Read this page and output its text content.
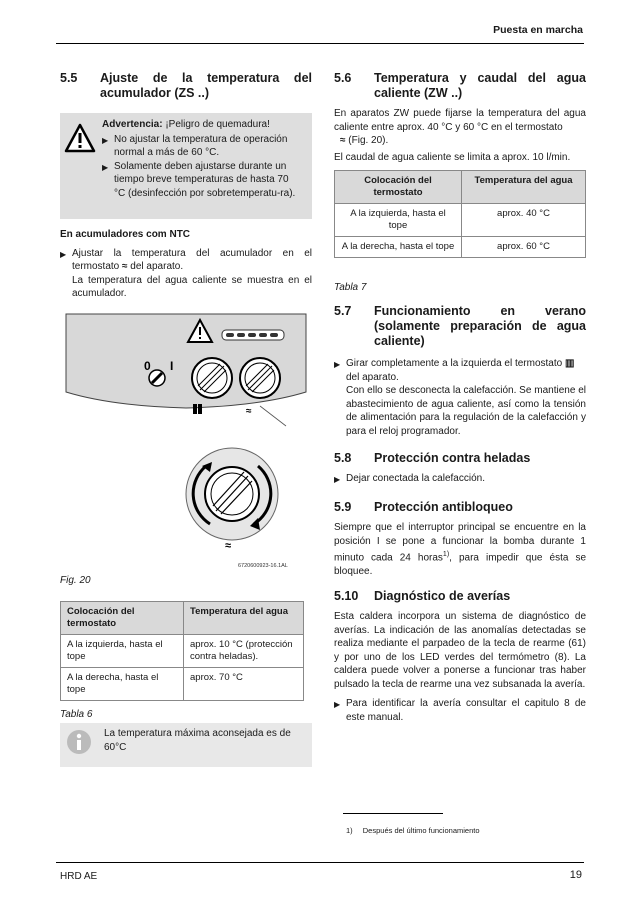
Puesta en marcha
5.5	Ajuste de la temperatura del acumulador (ZS ..)

Advertencia: ¡Peligro de quemadura!

▶ No ajustar la temperatura de operación normal a más de 60 °C.
▶ Solamente deben ajustarse durante un tiempo breve temperaturas de hasta 70 °C (desinfección por sobretemperatu-ra).

En acumuladores com NTC

▶ Ajustar la temperatura del acumulador en el termostato ≈ del aparato.
La temperatura del agua caliente se muestra en el acumulador.
0 I
≈
≈
6720600923-16.1AL
Fig. 20
Colocación del termostato	Temperatura del agua
A la izquierda, hasta el tope	aprox. 10 °C (protección contra heladas).
A la derecha, hasta el tope	aprox. 70 °C
Tabla 6

La temperatura máxima aconsejada es de 60°C

5.6	Temperatura y caudal del agua caliente (ZW ..)

En aparatos ZW puede fijarse la temperatura del agua caliente entre aprox. 40 °C y 60 °C en el termostato
≈ (Fig. 20).

El caudal de agua caliente se limita a aprox. 10 l/min.

Colocación del termostato	Temperatura del agua
A la izquierda, hasta el tope	aprox. 40 °C
A la derecha, hasta el tope	aprox. 60 °C
Tabla 7
5.7	Funcionamiento en verano (solamente preparación de agua caliente)
▶ Girar completamente a la izquierda el termostato ▥
del aparato.
Con ello se desconecta la calefacción. Se mantiene el abastecimiento de agua caliente, así como la tensión de alimentación para la regulación de la calefacción y para el reloj programador.
5.8	Protección contra heladas
▶ Dejar conectada la calefacción.
5.9	Protección antibloqueo

Siempre que el interruptor principal se encuentre en la posición I se pone a funcionar la bomba durante 1 minuto cada 24 horas$^{1)}$, para impedir que ésta se bloquee.

5.10	Diagnóstico de averías

Esta caldera incorpora un sistema de diagnóstico de averías. La indicación de las anomalías detectadas se realiza mediante el parpadeo de la tecla de rearme (61) y por uno de los LED verdes del termómetro (8). La caldera puede volver a ponerse a funcionar tras haber pulsado la tecla de rearme una vez subsanada la avería.

▶ Para identificar la avería consultar el capitulo 8 de este manual.
1) Después del último funcionamiento
HRD AE	19
